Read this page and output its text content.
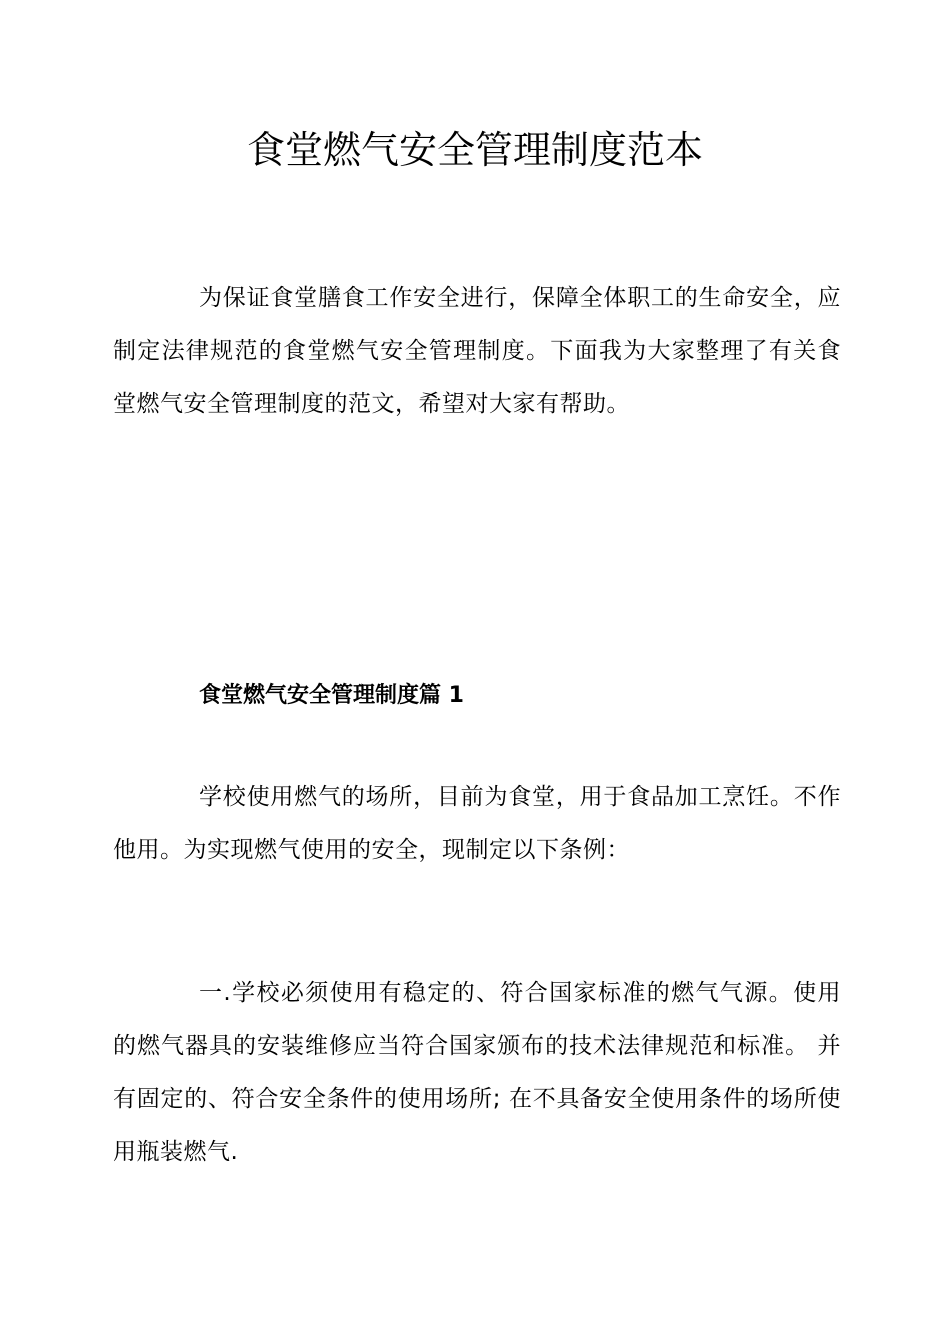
食堂燃气安全管理制度范本

为保证食堂膳食工作安全进行，保障全体职工的生命安全，应制定法律规范的食堂燃气安全管理制度。下面我为大家整理了有关食堂燃气安全管理制度的范文，希望对大家有帮助。

食堂燃气安全管理制度篇 1

学校使用燃气的场所，目前为食堂，用于食品加工烹饪。不作他用。为实现燃气使用的安全，现制定以下条例：

一.学校必须使用有稳定的、符合国家标准的燃气气源。使用的燃气器具的安装维修应当符合国家颁布的技术法律规范和标准。 并有固定的、符合安全条件的使用场所; 在不具备安全使用条件的场所使用瓶装燃气.
